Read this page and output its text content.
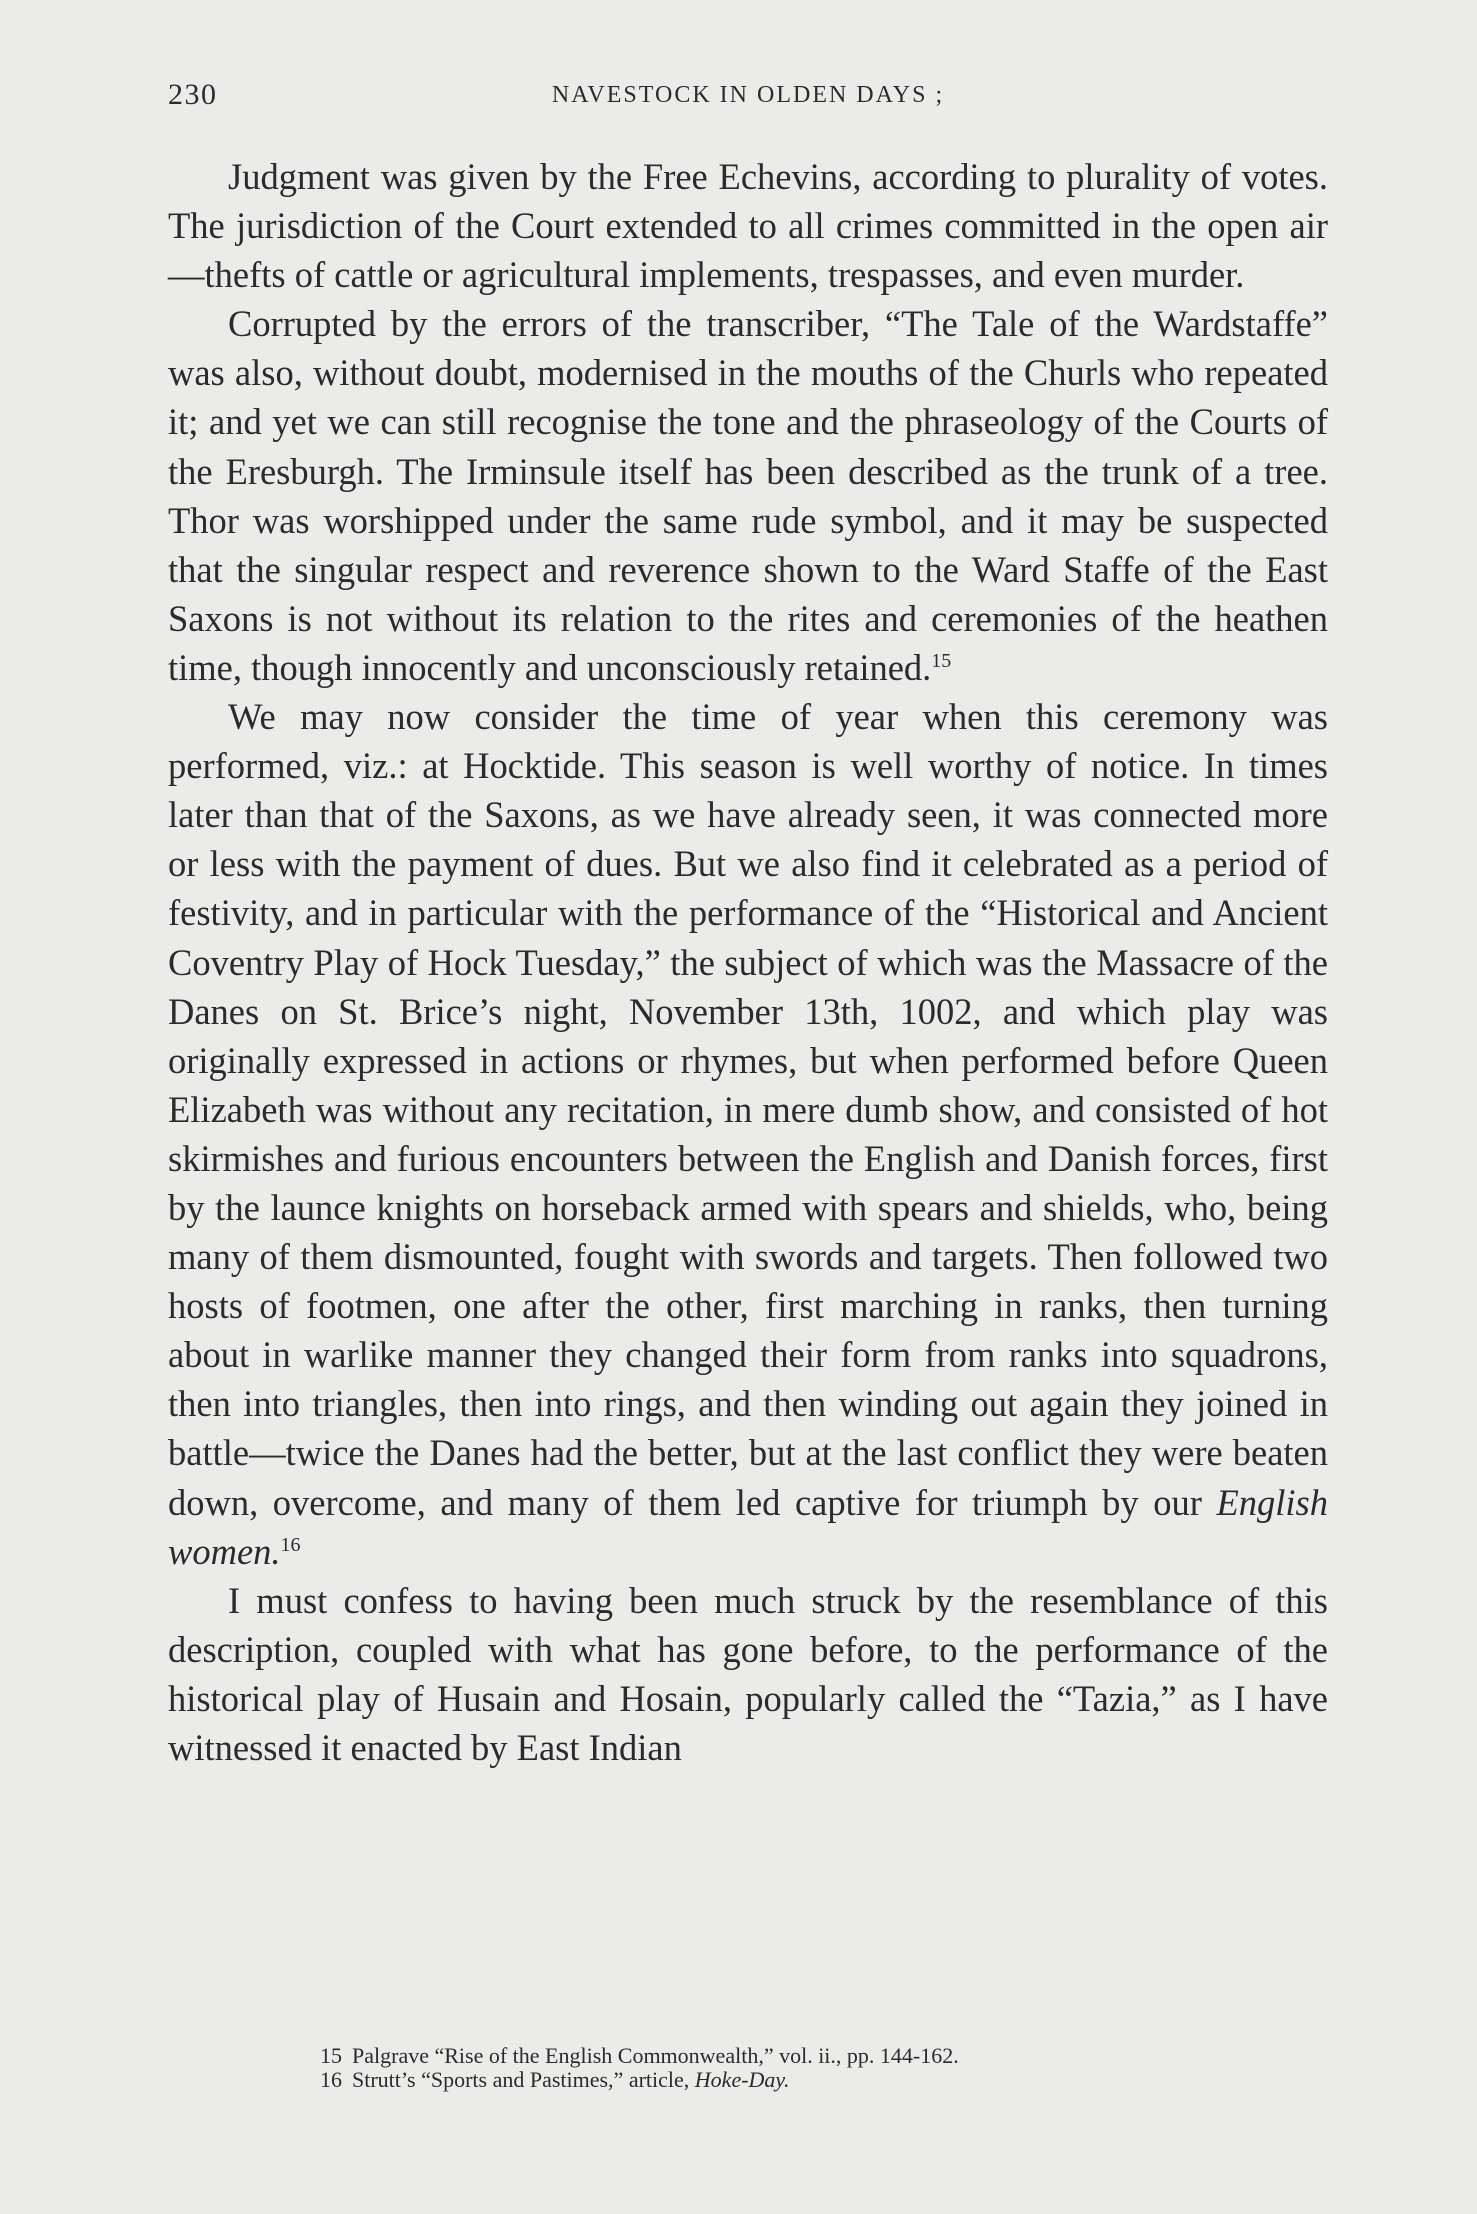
230	NAVESTOCK IN OLDEN DAYS ;

Judgment was given by the Free Echevins, according to plurality of votes. The jurisdiction of the Court extended to all crimes committed in the open air—thefts of cattle or agricultural implements, trespasses, and even murder.

Corrupted by the errors of the transcriber, “The Tale of the Wardstaffe” was also, without doubt, modernised in the mouths of the Churls who repeated it; and yet we can still recognise the tone and the phraseology of the Courts of the Eresburgh. The Irminsule itself has been described as the trunk of a tree. Thor was worshipped under the same rude symbol, and it may be suspected that the singular respect and reverence shown to the Ward Staffe of the East Saxons is not without its relation to the rites and ceremonies of the heathen time, though innocently and unconsciously retained.$^{15}$

We may now consider the time of year when this ceremony was performed, viz.: at Hocktide. This season is well worthy of notice. In times later than that of the Saxons, as we have already seen, it was connected more or less with the payment of dues. But we also find it celebrated as a period of festivity, and in particular with the performance of the “Historical and Ancient Coventry Play of Hock Tuesday,” the subject of which was the Massacre of the Danes on St. Brice’s night, November 13th, 1002, and which play was originally expressed in actions or rhymes, but when performed before Queen Elizabeth was without any recitation, in mere dumb show, and consisted of hot skirmishes and furious encounters between the English and Danish forces, first by the launce knights on horseback armed with spears and shields, who, being many of them dismounted, fought with swords and targets. Then followed two hosts of footmen, one after the other, first marching in ranks, then turning about in warlike manner they changed their form from ranks into squadrons, then into triangles, then into rings, and then winding out again they joined in battle—twice the Danes had the better, but at the last conflict they were beaten down, overcome, and many of them led captive for triumph by our English women.$^{16}$

I must confess to having been much struck by the resemblance of this description, coupled with what has gone before, to the performance of the historical play of Husain and Hosain, popularly called the “Tazia,” as I have witnessed it enacted by East Indian

15 Palgrave “Rise of the English Commonwealth,” vol. ii., pp. 144-162.
16 Strutt’s “Sports and Pastimes,” article, Hoke-Day.
